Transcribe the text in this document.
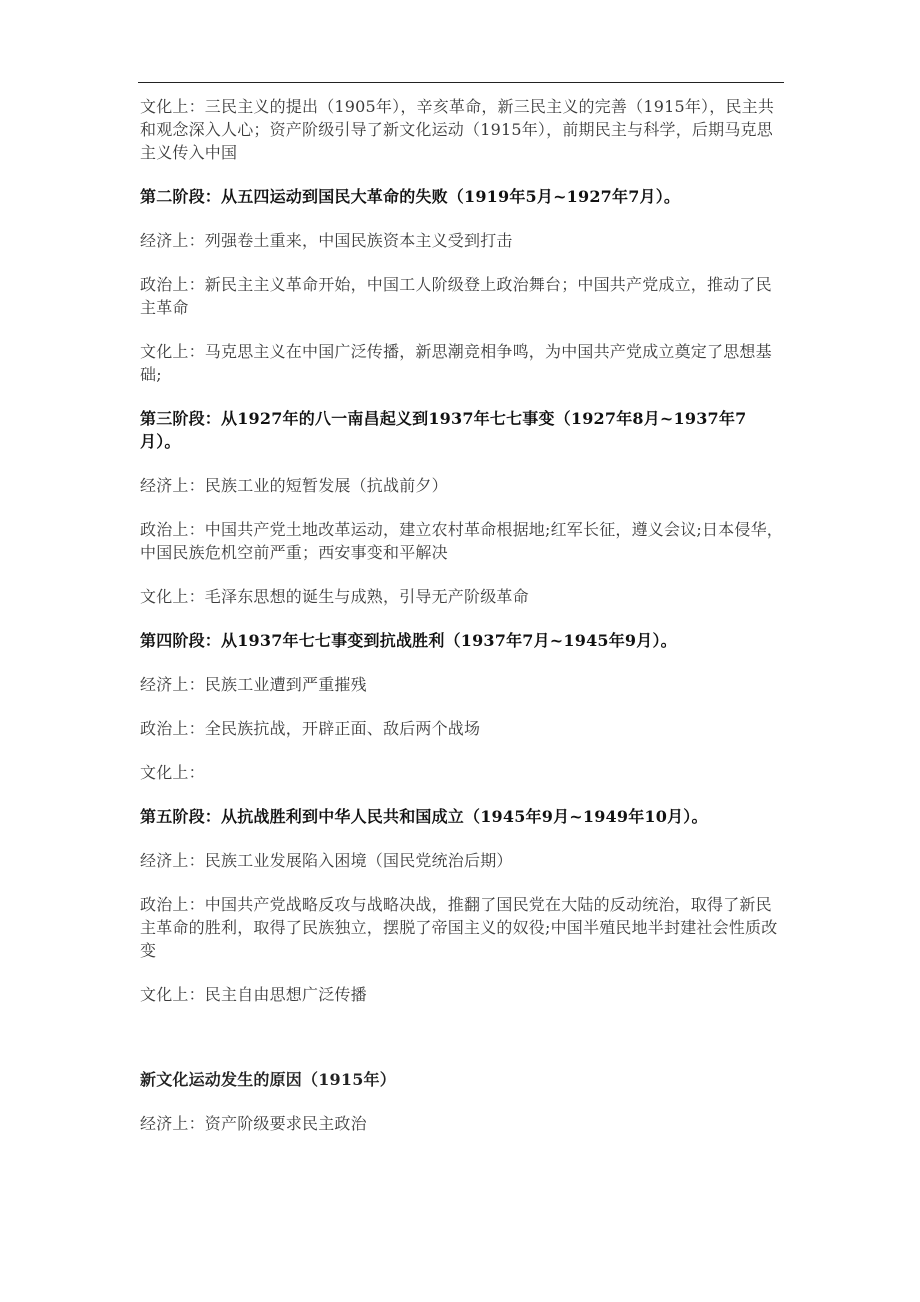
文化上：三民主义的提出（1905年），辛亥革命，新三民主义的完善（1915年），民主共和观念深入人心；资产阶级引导了新文化运动（1915年），前期民主与科学，后期马克思主义传入中国

第二阶段：从五四运动到国民大革命的失败（1919年5月~1927年7月）。

经济上：列强卷土重来，中国民族资本主义受到打击

政治上：新民主主义革命开始，中国工人阶级登上政治舞台；中国共产党成立，推动了民主革命

文化上：马克思主义在中国广泛传播，新思潮竞相争鸣，为中国共产党成立奠定了思想基础;

第三阶段：从1927年的八一南昌起义到1937年七七事变（1927年8月~1937年7月）。

经济上：民族工业的短暂发展（抗战前夕）

政治上：中国共产党土地改革运动，建立农村革命根据地;红军长征，遵义会议;日本侵华，中国民族危机空前严重；西安事变和平解决

文化上：毛泽东思想的诞生与成熟，引导无产阶级革命

第四阶段：从1937年七七事变到抗战胜利（1937年7月~1945年9月）。

经济上：民族工业遭到严重摧残

政治上：全民族抗战，开辟正面、敌后两个战场

文化上：

第五阶段：从抗战胜利到中华人民共和国成立（1945年9月~1949年10月）。

经济上：民族工业发展陷入困境（国民党统治后期）

政治上：中国共产党战略反攻与战略决战，推翻了国民党在大陆的反动统治，取得了新民主革命的胜利，取得了民族独立，摆脱了帝国主义的奴役;中国半殖民地半封建社会性质改变

文化上：民主自由思想广泛传播

新文化运动发生的原因（1915年）

经济上：资产阶级要求民主政治
